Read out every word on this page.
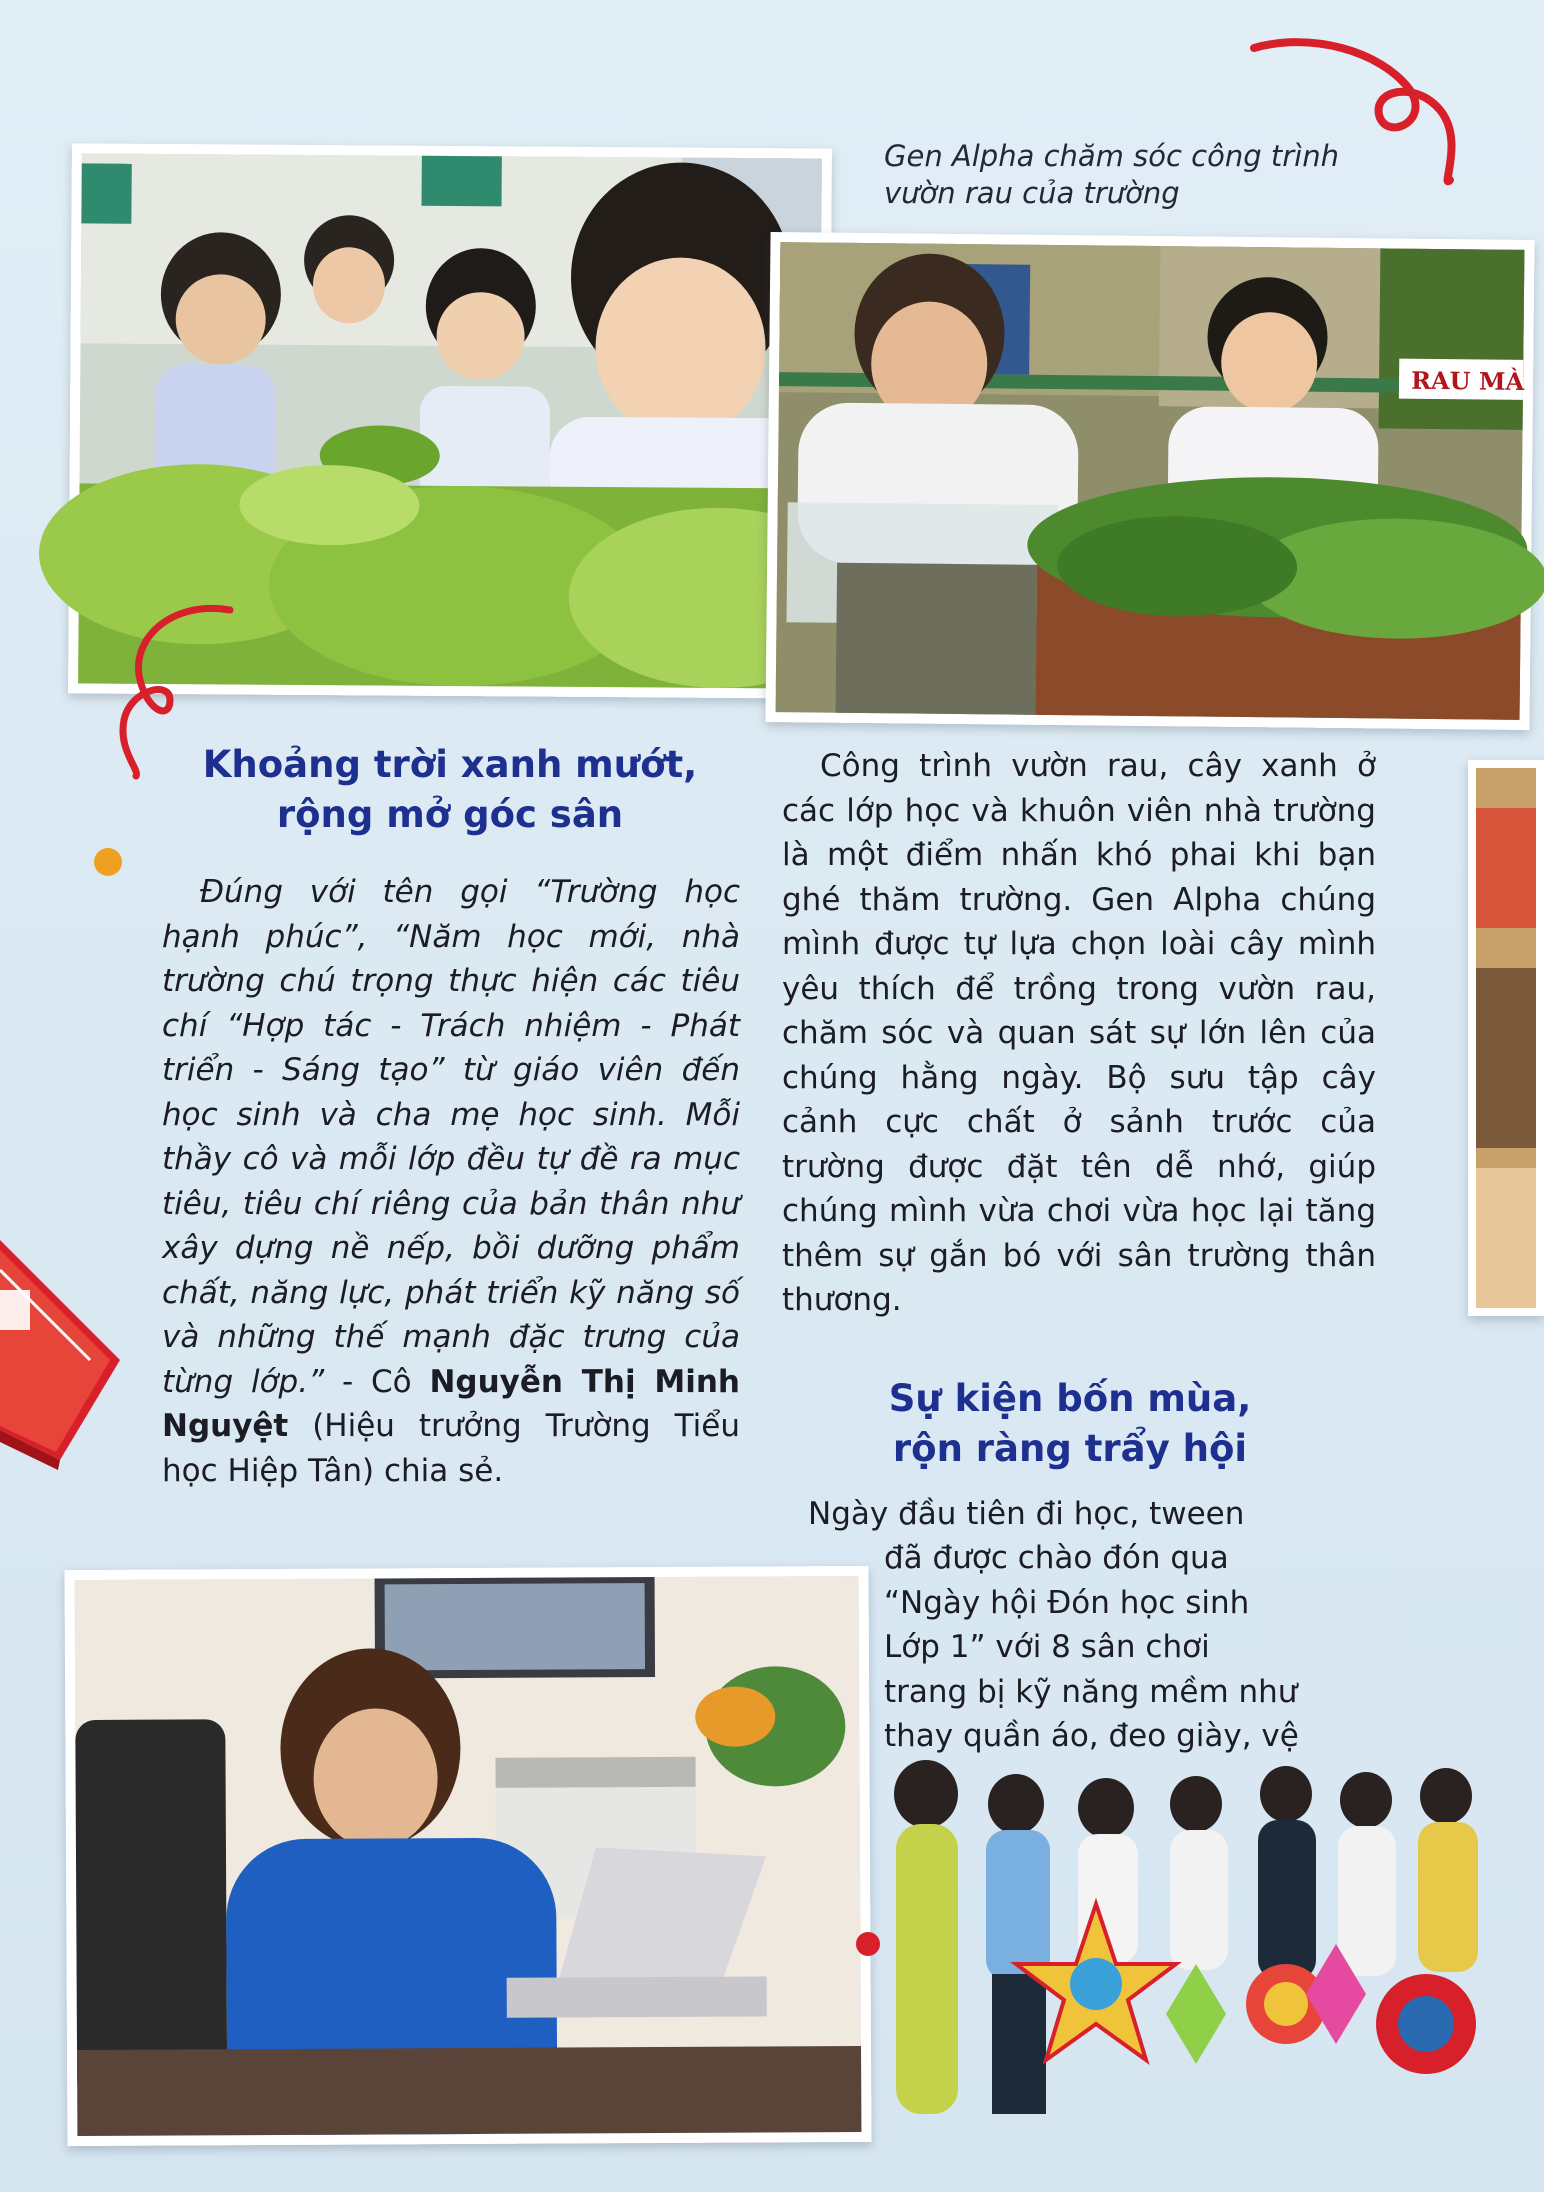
RAU MÀ
Gen Alpha chăm sóc công trình vườn rau của trường
Khoảng trời xanh mướt,
rộng mở góc sân

Đúng với tên gọi “Trường học hạnh phúc”, “Năm học mới, nhà trường chú trọng thực hiện các tiêu chí “Hợp tác - Trách nhiệm - Phát triển - Sáng tạo” từ giáo viên đến học sinh và cha mẹ học sinh. Mỗi thầy cô và mỗi lớp đều tự đề ra mục tiêu, tiêu chí riêng của bản thân như xây dựng nề nếp, bồi dưỡng phẩm chất, năng lực, phát triển kỹ năng số và những thế mạnh đặc trưng của từng lớp.” - Cô Nguyễn Thị Minh Nguyệt (Hiệu trưởng Trường Tiểu học Hiệp Tân) chia sẻ.

Công trình vườn rau, cây xanh ở các lớp học và khuôn viên nhà trường là một điểm nhấn khó phai khi bạn ghé thăm trường. Gen Alpha chúng mình được tự lựa chọn loài cây mình yêu thích để trồng trong vườn rau, chăm sóc và quan sát sự lớn lên của chúng hằng ngày. Bộ sưu tập cây cảnh cực chất ở sảnh trước của trường được đặt tên dễ nhớ, giúp chúng mình vừa chơi vừa học lại tăng thêm sự gắn bó với sân trường thân thương.

Sự kiện bốn mùa,
rộn ràng trẩy hội
Ngày đầu tiên đi học, tween
đã được chào đón qua
“Ngày hội Đón học sinh
Lớp 1” với 8 sân chơi
trang bị kỹ năng mềm như
thay quần áo, đeo giày, vệ
